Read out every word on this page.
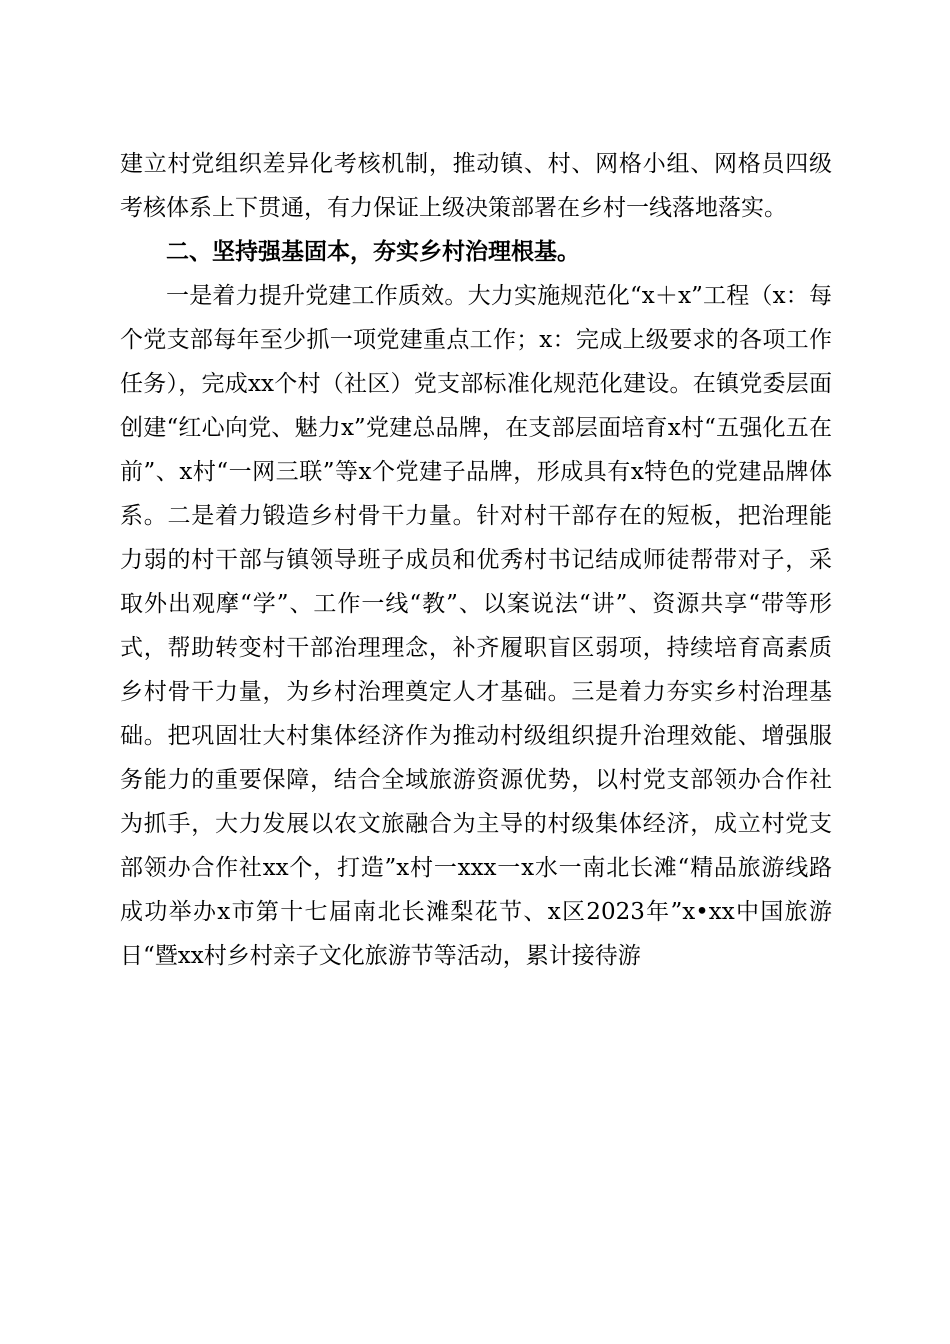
建立村党组织差异化考核机制，推动镇、村、网格小组、网格员四级考核体系上下贯通，有力保证上级决策部署在乡村一线落地落实。

二、坚持强基固本，夯实乡村治理根基。

一是着力提升党建工作质效。大力实施规范化“x＋x”工程（x：每个党支部每年至少抓一项党建重点工作；x：完成上级要求的各项工作任务），完成xx个村（社区）党支部标准化规范化建设。在镇党委层面创建“红心向党、魅力x”党建总品牌，在支部层面培育x村“五强化五在前”、x村“一网三联”等x个党建子品牌，形成具有x特色的党建品牌体系。二是着力锻造乡村骨干力量。针对村干部存在的短板，把治理能力弱的村干部与镇领导班子成员和优秀村书记结成师徒帮带对子，采取外出观摩“学”、工作一线“教”、以案说法“讲”、资源共享“带等形式，帮助转变村干部治理理念，补齐履职盲区弱项，持续培育高素质乡村骨干力量，为乡村治理奠定人才基础。三是着力夯实乡村治理基础。把巩固壮大村集体经济作为推动村级组织提升治理效能、增强服务能力的重要保障，结合全域旅游资源优势，以村党支部领办合作社为抓手，大力发展以农文旅融合为主导的村级集体经济，成立村党支部领办合作社xx个，打造”x村一xxx一x水一南北长滩“精品旅游线路成功举办x市第十七届南北长滩梨花节、x区2023年”x•xx中国旅游日“暨xx村乡村亲子文化旅游节等活动，累计接待游
